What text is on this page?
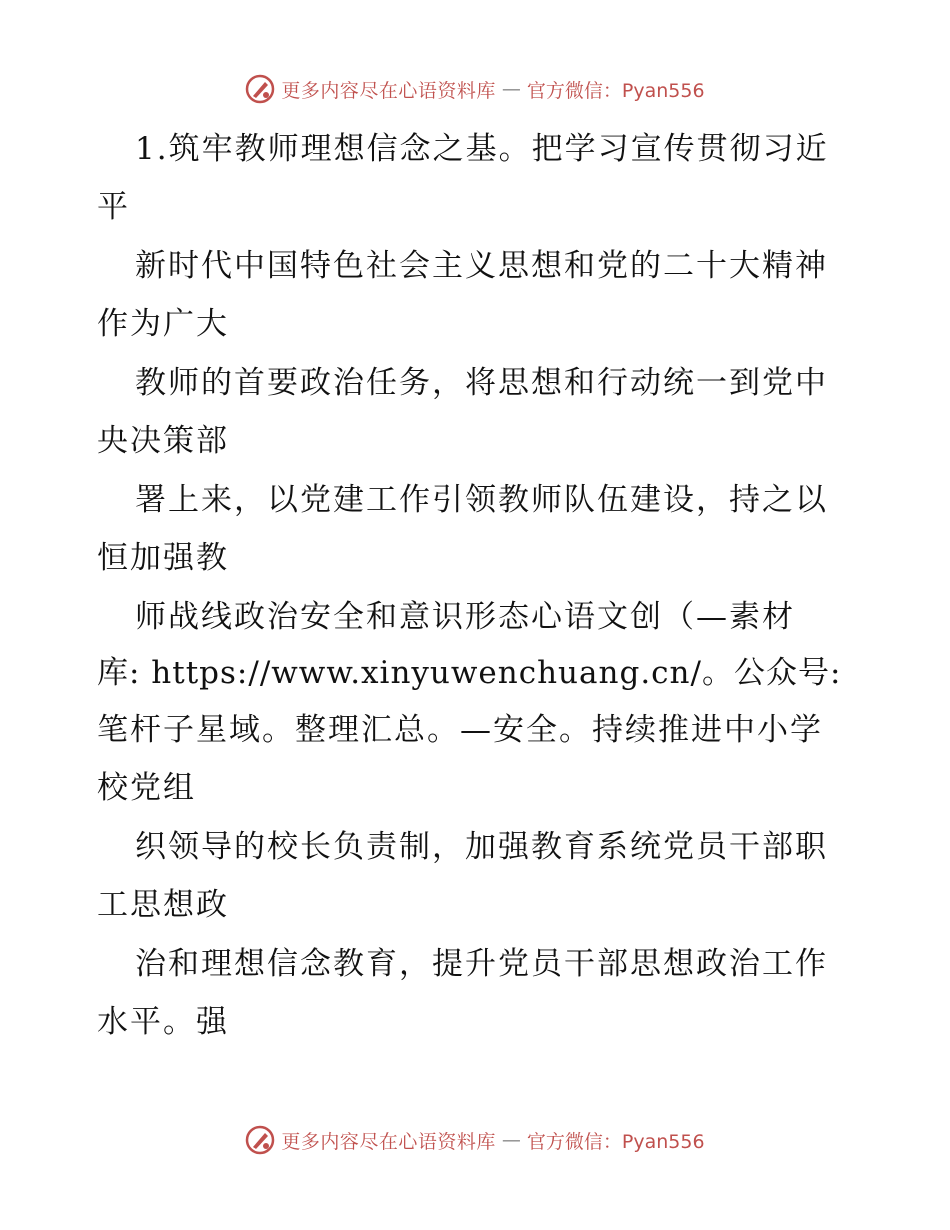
更多内容尽在心语资料库 — 官方微信：Pyan556
1.筑牢教师理想信念之基。把学习宣传贯彻习近
平
新时代中国特色社会主义思想和党的二十大精神
作为广大
教师的首要政治任务，将思想和行动统一到党中
央决策部
署上来，以党建工作引领教师队伍建设，持之以
恒加强教
师战线政治安全和意识形态心语文创（—素材
库: https://www.xinyuwenchuang.cn/。公众号:
笔杆子星域。整理汇总。—安全。持续推进中小学
校党组
织领导的校长负责制，加强教育系统党员干部职
工思想政
治和理想信念教育，提升党员干部思想政治工作
水平。强
更多内容尽在心语资料库 — 官方微信：Pyan556
